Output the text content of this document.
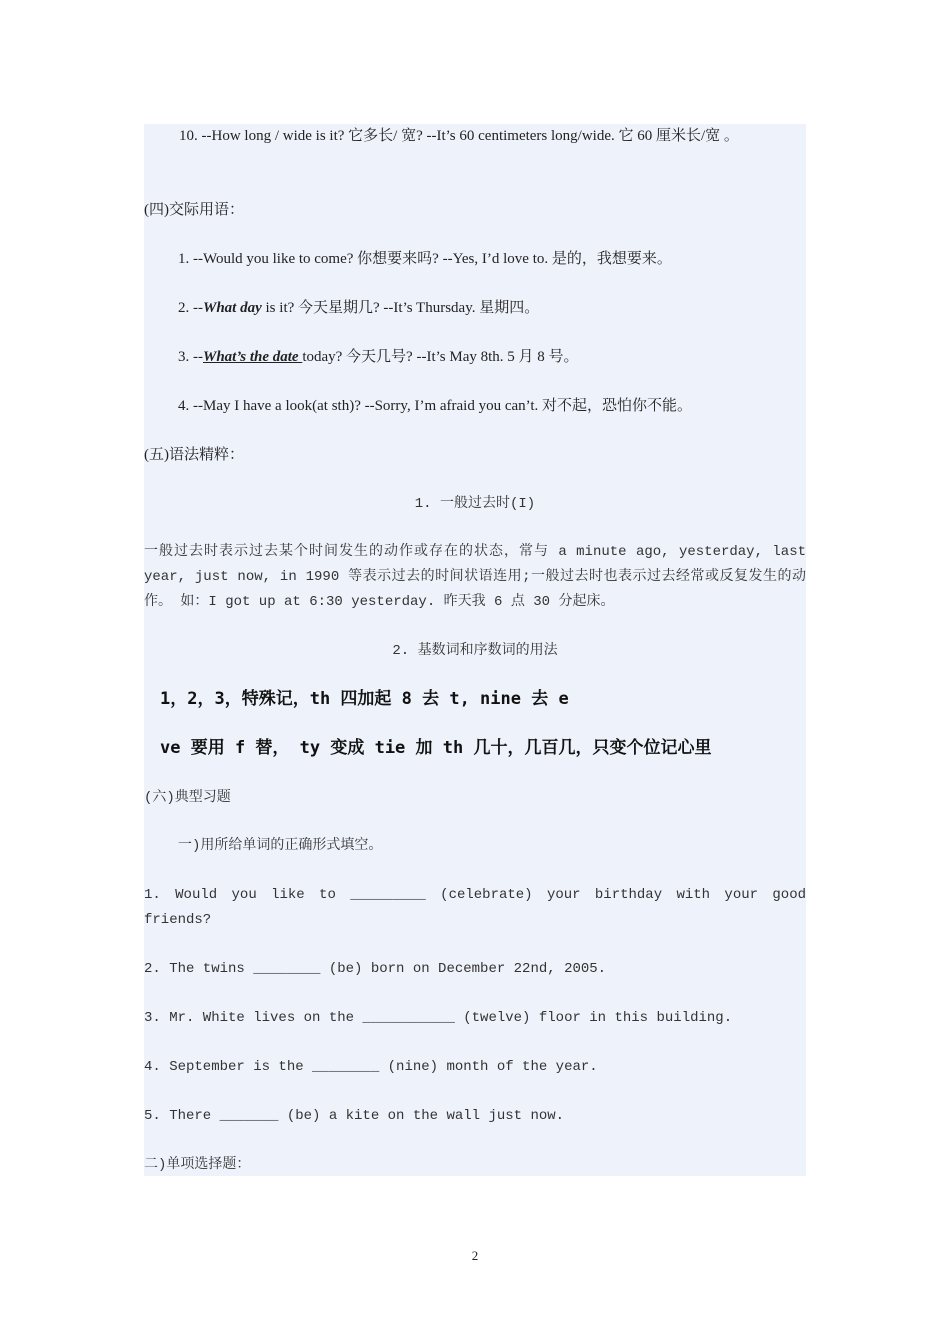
10. --How long / wide is it? 它多长/ 宽? --It’s 60 centimeters long/wide. 它 60 厘米长/宽 。
(四)交际用语：
1. --Would you like to come? 你想要来吗? --Yes, I’d love to. 是的，我想要来。
2. --What day is it? 今天星期几? --It’s Thursday. 星期四。
3. --What’s the date today? 今天几号? --It’s May 8th. 5 月 8 号。
4. --May I have a look(at sth)? --Sorry, I’m afraid you can’t. 对不起，恐怕你不能。
(五)语法精粹：
1. 一般过去时(I)
一般过去时表示过去某个时间发生的动作或存在的状态，常与 a minute ago, yesterday, last year, just now, in 1990 等表示过去的时间状语连用;一般过去时也表示过去经常或反复发生的动作。 如：I got up at 6:30 yesterday. 昨天我 6 点 30 分起床。
2. 基数词和序数词的用法
1，2，3，特殊记，th 四加起 8 去 t, nine 去 e
ve 要用 f 替， ty 变成 tie 加 th 几十，几百几，只变个位记心里
(六)典型习题
一)用所给单词的正确形式填空。
1. Would you like to _________ (celebrate) your birthday with your good friends?
2. The twins ________ (be) born on December 22nd, 2005.
3. Mr. White lives on the ___________ (twelve) floor in this building.
4. September is the ________ (nine) month of the year.
5. There _______ (be) a kite on the wall just now.
二)单项选择题：
2
